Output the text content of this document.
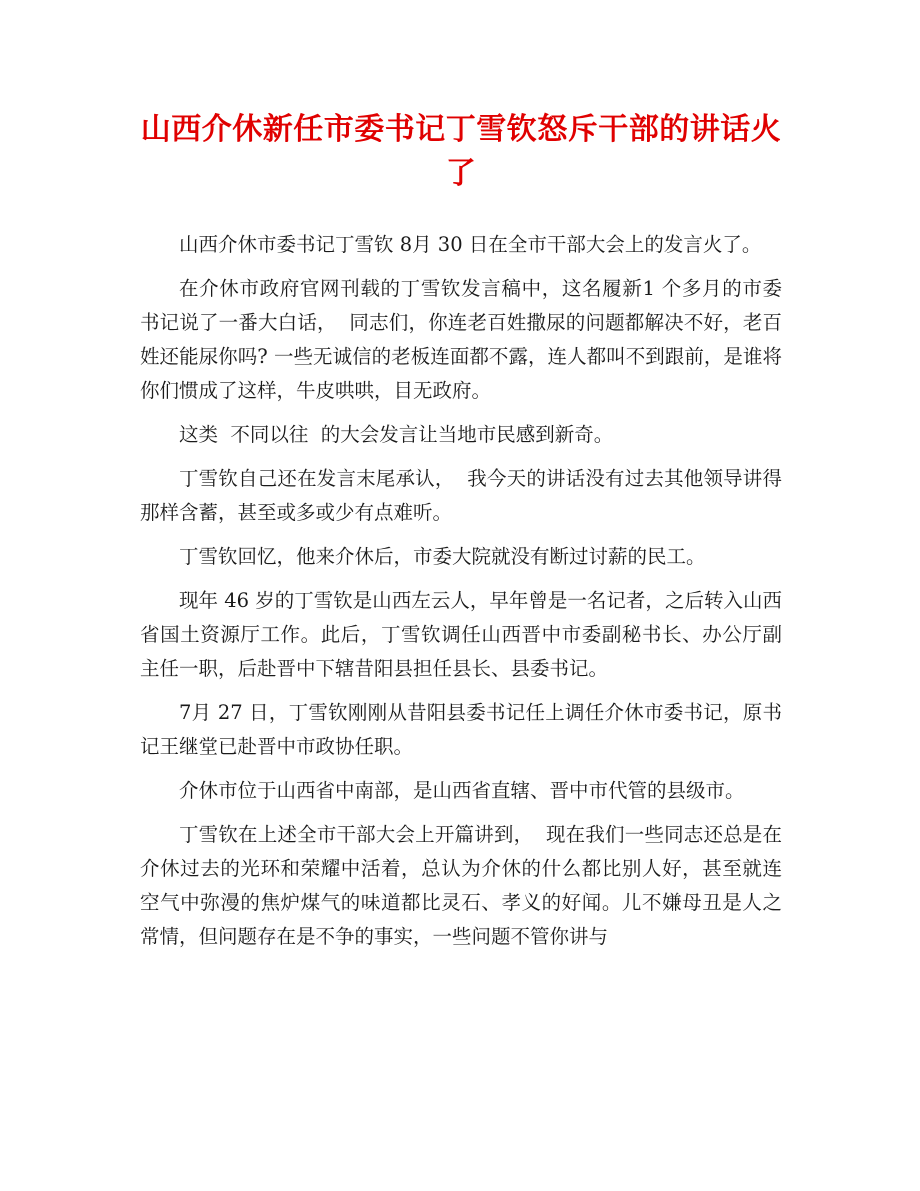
山西介休新任市委书记丁雪钦怒斥干部的讲话火了

山西介休市委书记丁雪钦 8月 30 日在全市干部大会上的发言火了。

在介休市政府官网刊载的丁雪钦发言稿中，这名履新1 个多月的市委书记说了一番大白话，  同志们，你连老百姓撒尿的问题都解决不好，老百姓还能尿你吗? 一些无诚信的老板连面都不露，连人都叫不到跟前，是谁将你们惯成了这样，牛皮哄哄，目无政府。

这类  不同以往  的大会发言让当地市民感到新奇。

丁雪钦自己还在发言末尾承认，  我今天的讲话没有过去其他领导讲得那样含蓄，甚至或多或少有点难听。

丁雪钦回忆，他来介休后，市委大院就没有断过讨薪的民工。

现年 46 岁的丁雪钦是山西左云人，早年曾是一名记者，之后转入山西省国土资源厅工作。此后，丁雪钦调任山西晋中市委副秘书长、办公厅副主任一职，后赴晋中下辖昔阳县担任县长、县委书记。

7月 27 日，丁雪钦刚刚从昔阳县委书记任上调任介休市委书记，原书记王继堂已赴晋中市政协任职。

介休市位于山西省中南部，是山西省直辖、晋中市代管的县级市。

丁雪钦在上述全市干部大会上开篇讲到，  现在我们一些同志还总是在介休过去的光环和荣耀中活着，总认为介休的什么都比别人好，甚至就连空气中弥漫的焦炉煤气的味道都比灵石、孝义的好闻。儿不嫌母丑是人之常情，但问题存在是不争的事实，一些问题不管你讲与
